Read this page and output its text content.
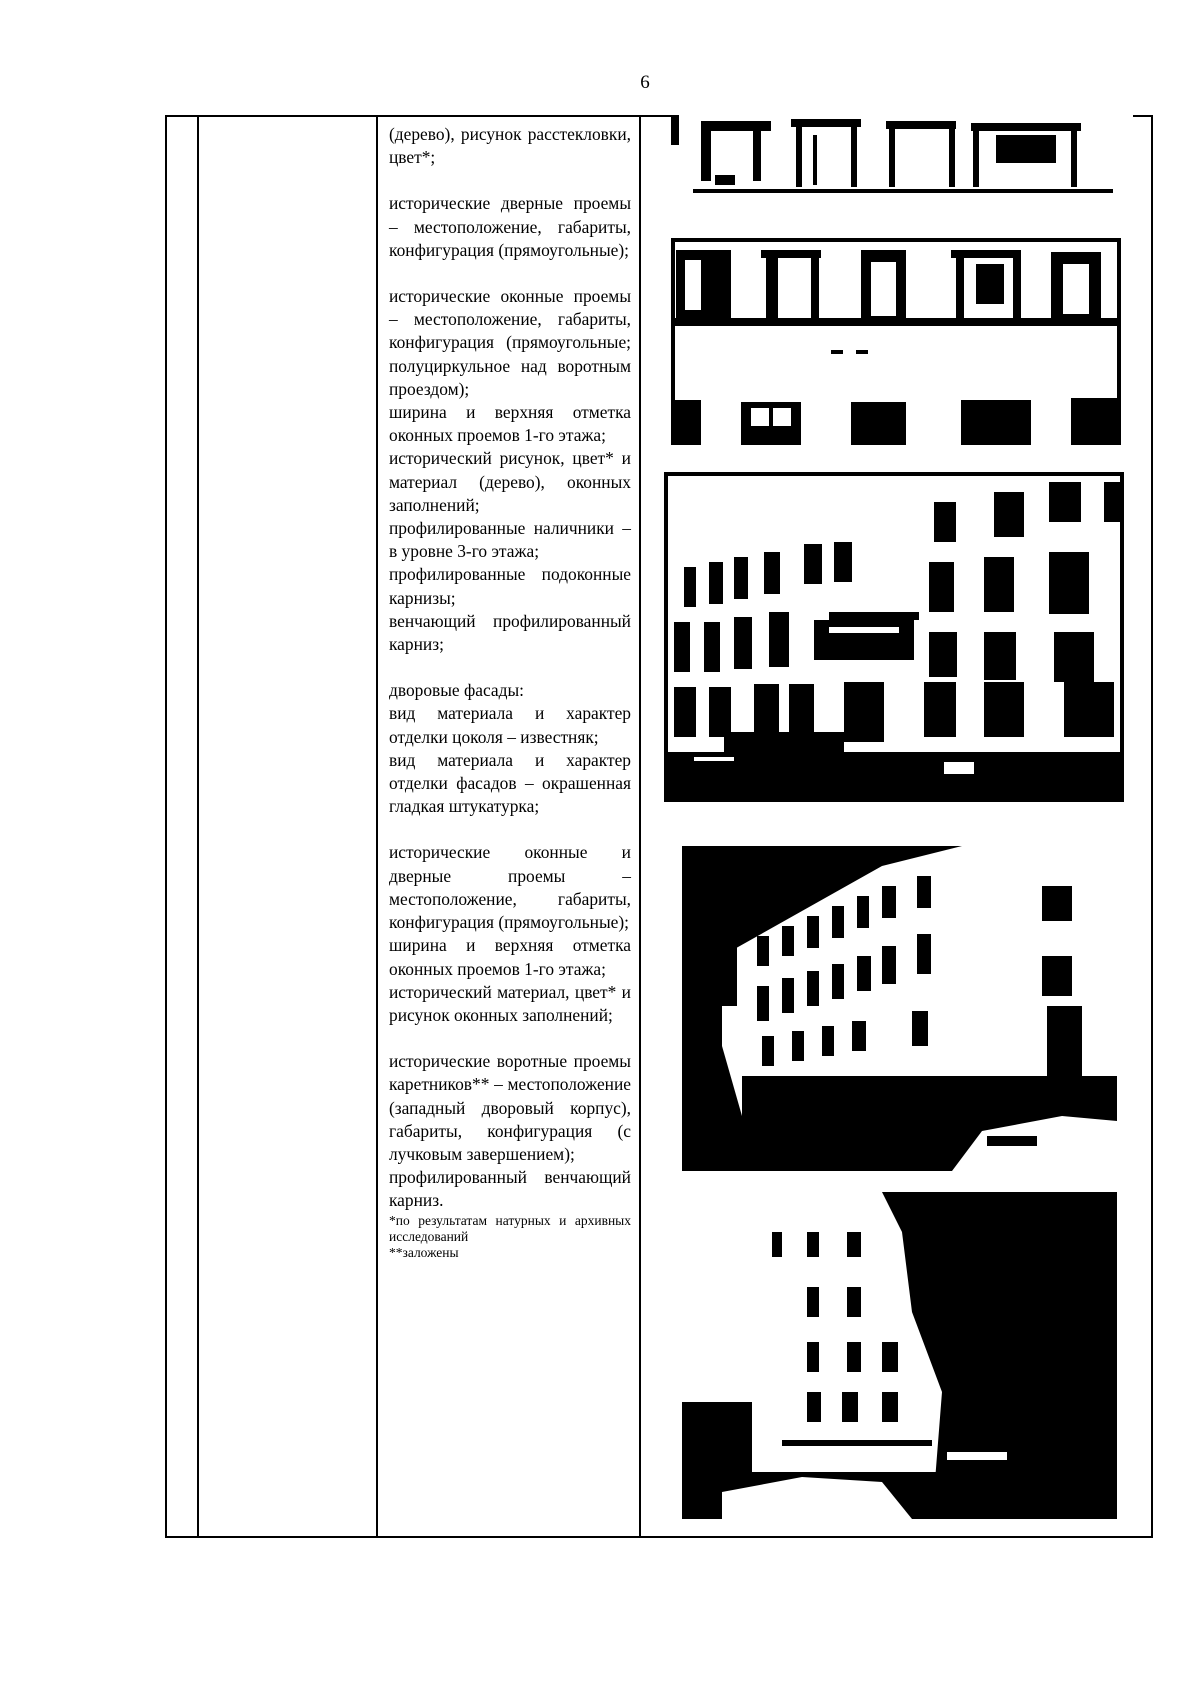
6

(дерево), рисунок расстекловки, цвет*;

исторические дверные проемы – местоположение, габариты, конфигурация (прямоугольные);

исторические оконные проемы – местоположение, габариты, конфигурация (прямоугольные; полуциркульное над воротным проездом);

ширина и верхняя отметка оконных проемов 1-го этажа;

исторический рисунок, цвет* и материал (дерево), оконных заполнений;

профилированные наличники – в уровне 3-го этажа;

профилированные подоконные карнизы;

венчающий профилированный карниз;

дворовые фасады:

вид материала и характер отделки цоколя – известняк;

вид материала и характер отделки фасадов – окрашенная гладкая штукатурка;

исторические оконные и дверные проемы – местоположение, габариты, конфигурация (прямоугольные);

ширина и верхняя отметка оконных проемов 1-го этажа;

исторический материал, цвет* и рисунок оконных заполнений;

исторические воротные проемы каретников** – местоположение (западный дворовый корпус), габариты, конфигурация (с лучковым завершением);

профилированный венчающий карниз.

*по результатам натурных и архивных исследований

**заложены
